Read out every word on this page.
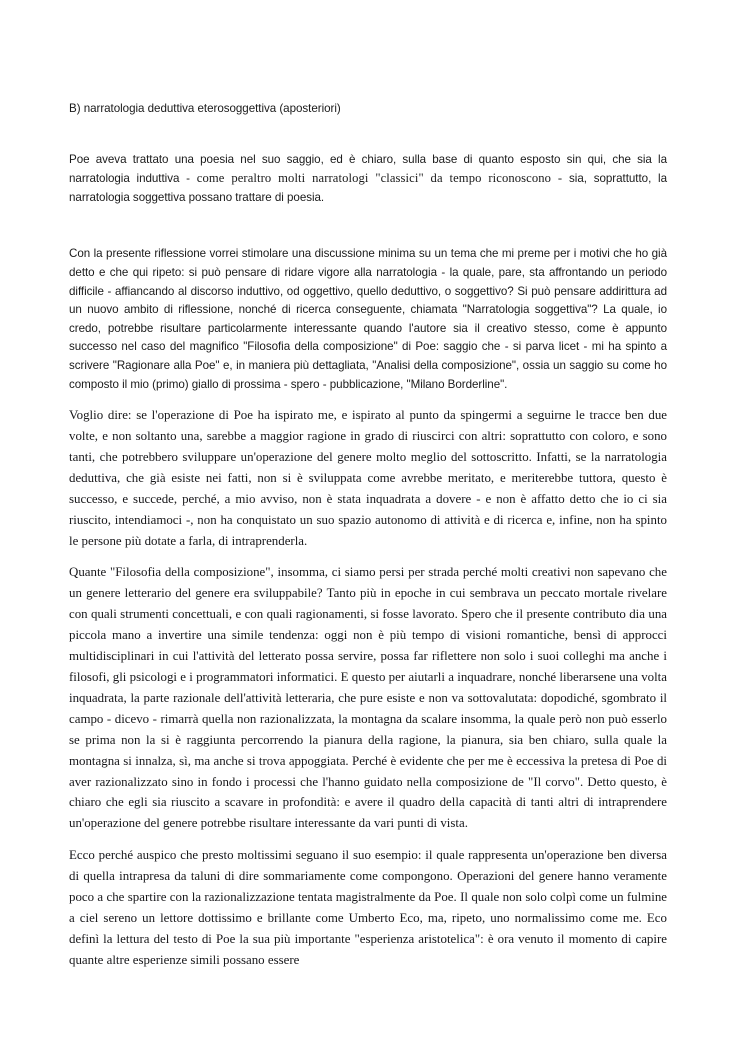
B) narratologia deduttiva eterosoggettiva (aposteriori)

Poe aveva trattato una poesia nel suo saggio, ed è chiaro, sulla base di quanto esposto sin qui, che sia la narratologia induttiva - come peraltro molti narratologi "classici" da tempo riconoscono - sia, soprattutto, la narratologia soggettiva possano trattare di poesia.

Con la presente riflessione vorrei stimolare una discussione minima su un tema che mi preme per i motivi che ho già detto e che qui ripeto: si può pensare di ridare vigore alla narratologia - la quale, pare, sta affrontando un periodo difficile - affiancando al discorso induttivo, od oggettivo, quello deduttivo, o soggettivo? Si può pensare addirittura ad un nuovo ambito di riflessione, nonché di ricerca conseguente, chiamata "Narratologia soggettiva"? La quale, io credo, potrebbe risultare particolarmente interessante quando l'autore sia il creativo stesso, come è appunto successo nel caso del magnifico "Filosofia della composizione" di Poe: saggio che - si parva licet - mi ha spinto a scrivere "Ragionare alla Poe" e, in maniera più dettagliata, "Analisi della composizione", ossia un saggio su come ho composto il mio (primo) giallo di prossima - spero - pubblicazione, "Milano Borderline".

Voglio dire: se l'operazione di Poe ha ispirato me, e ispirato al punto da spingermi a seguirne le tracce ben due volte, e non soltanto una, sarebbe a maggior ragione in grado di riuscirci con altri: soprattutto con coloro, e sono tanti, che potrebbero sviluppare un'operazione del genere molto meglio del sottoscritto. Infatti, se la narratologia deduttiva, che già esiste nei fatti, non si è sviluppata come avrebbe meritato, e meriterebbe tuttora, questo è successo, e succede, perché, a mio avviso, non è stata inquadrata a dovere - e non è affatto detto che io ci sia riuscito, intendiamoci -, non ha conquistato un suo spazio autonomo di attività e di ricerca e, infine, non ha spinto le persone più dotate a farla, di intraprenderla.

Quante "Filosofia della composizione", insomma, ci siamo persi per strada perché molti creativi non sapevano che un genere letterario del genere era sviluppabile? Tanto più in epoche in cui sembrava un peccato mortale rivelare con quali strumenti concettuali, e con quali ragionamenti, si fosse lavorato. Spero che il presente contributo dia una piccola mano a invertire una simile tendenza: oggi non è più tempo di visioni romantiche, bensì di approcci multidisciplinari in cui l'attività del letterato possa servire, possa far riflettere non solo i suoi colleghi ma anche i filosofi, gli psicologi e i programmatori informatici. E questo per aiutarli a inquadrare, nonché liberarsene una volta inquadrata, la parte razionale dell'attività letteraria, che pure esiste e non va sottovalutata: dopodiché, sgombrato il campo - dicevo - rimarrà quella non razionalizzata, la montagna da scalare insomma, la quale però non può esserlo se prima non la si è raggiunta percorrendo la pianura della ragione, la pianura, sia ben chiaro, sulla quale la montagna si innalza, sì, ma anche si trova appoggiata. Perché è evidente che per me è eccessiva la pretesa di Poe di aver razionalizzato sino in fondo i processi che l'hanno guidato nella composizione de "Il corvo". Detto questo, è chiaro che egli sia riuscito a scavare in profondità: e avere il quadro della capacità di tanti altri di intraprendere un'operazione del genere potrebbe risultare interessante da vari punti di vista.

Ecco perché auspico che presto moltissimi seguano il suo esempio: il quale rappresenta un'operazione ben diversa di quella intrapresa da taluni di dire sommariamente come compongono. Operazioni del genere hanno veramente poco a che spartire con la razionalizzazione tentata magistralmente da Poe. Il quale non solo colpì come un fulmine a ciel sereno un lettore dottissimo e brillante come Umberto Eco, ma, ripeto, uno normalissimo come me. Eco definì la lettura del testo di Poe la sua più importante "esperienza aristotelica": è ora venuto il momento di capire quante altre esperienze simili possano essere
